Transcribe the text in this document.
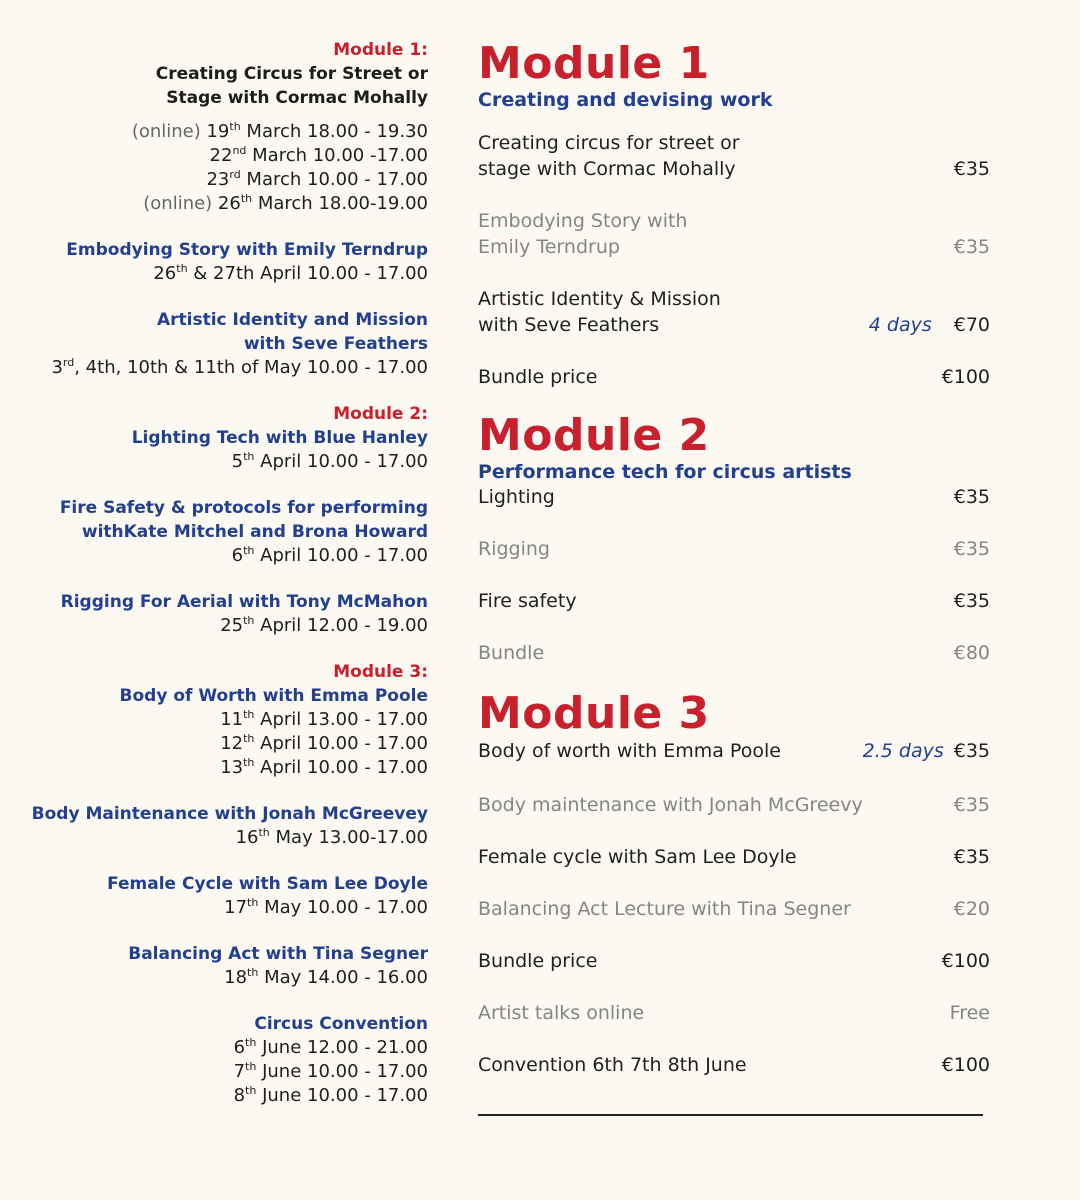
Module 1:
Creating Circus for Street or
Stage with Cormac Mohally
(online) 19th March 18.00 - 19.30
22nd March 10.00 -17.00
23rd March 10.00 - 17.00
(online) 26th March 18.00-19.00
Embodying Story with Emily Terndrup
26th & 27th April 10.00 - 17.00
Artistic Identity and Mission
with Seve Feathers
3rd, 4th, 10th & 11th of May 10.00 - 17.00
Module 2:
Lighting Tech with Blue Hanley
5th April 10.00 - 17.00
Fire Safety & protocols for performing
withKate Mitchel and Brona Howard
6th April 10.00 - 17.00
Rigging For Aerial with Tony McMahon
25th April 12.00 - 19.00
Module 3:
Body of Worth with Emma Poole
11th April 13.00 - 17.00
12th April 10.00 - 17.00
13th April 10.00 - 17.00
Body Maintenance with Jonah McGreevey
16th May 13.00-17.00
Female Cycle with Sam Lee Doyle
17th May 10.00 - 17.00
Balancing Act with Tina Segner
18th May 14.00 - 16.00
Circus Convention
6th June 12.00 - 21.00
7th June 10.00 - 17.00
8th June 10.00 - 17.00
Module 1
Creating and devising work
Creating circus for street or
stage with Cormac Mohally	€35
Embodying Story with
Emily Terndrup	€35
Artistic Identity & Mission
with Seve Feathers	4 days €70
Bundle price	€100
Module 2
Performance tech for circus artists
Lighting	€35
Rigging	€35
Fire safety	€35
Bundle	€80
Module 3
Body of worth with Emma Poole	2.5 days €35
Body maintenance with Jonah McGreevy	€35
Female cycle with Sam Lee Doyle	€35
Balancing Act Lecture with Tina Segner	€20
Bundle price	€100
Artist talks online	Free
Convention 6th 7th 8th June	€100
